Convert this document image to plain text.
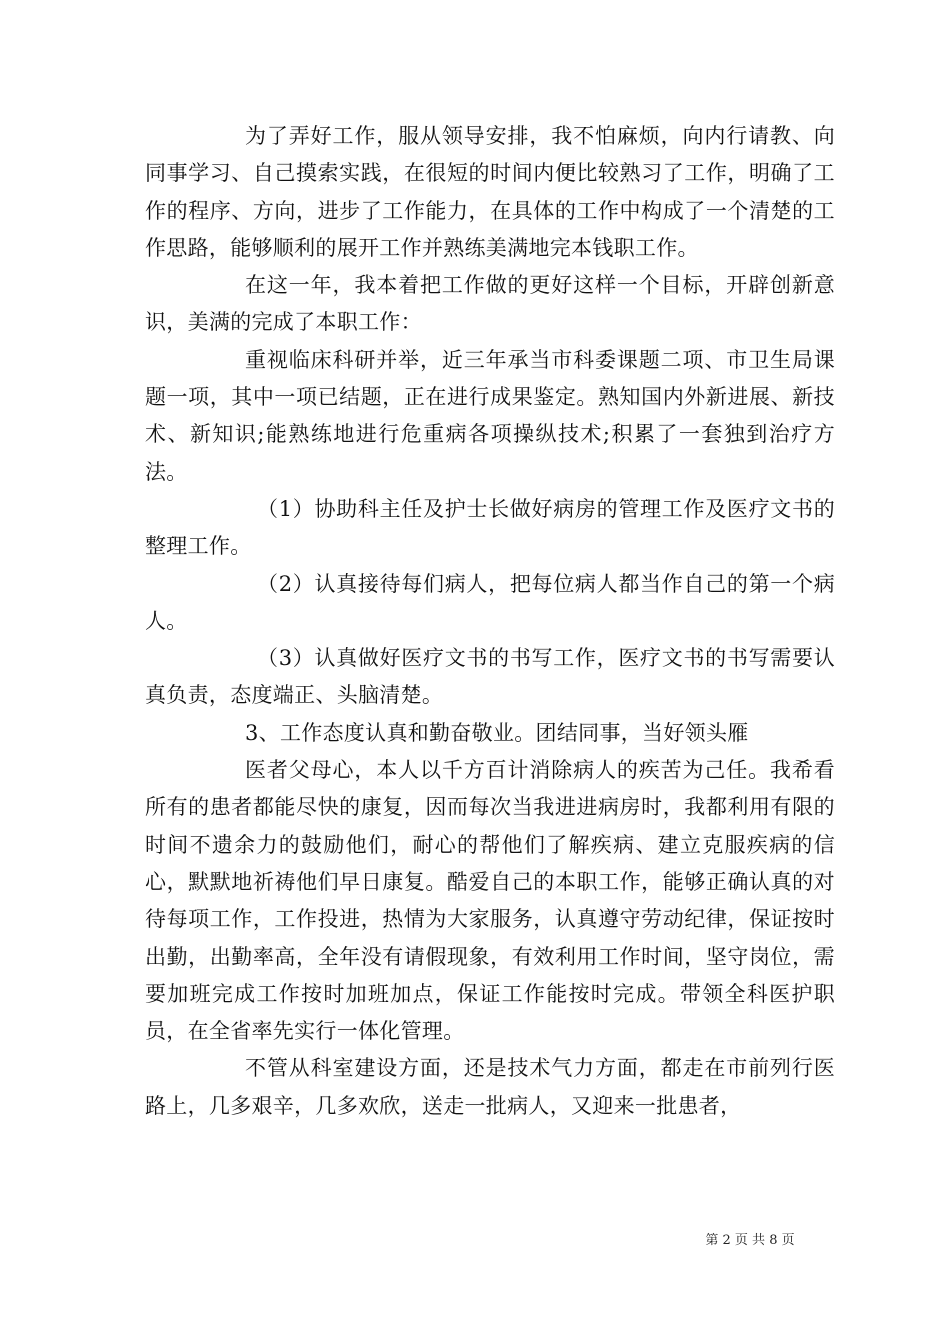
为了弄好工作，服从领导安排，我不怕麻烦，向内行请教、向同事学习、自己摸索实践，在很短的时间内便比较熟习了工作，明确了工作的程序、方向，进步了工作能力，在具体的工作中构成了一个清楚的工作思路，能够顺利的展开工作并熟练美满地完本钱职工作。

在这一年，我本着把工作做的更好这样一个目标，开辟创新意识，美满的完成了本职工作：

重视临床科研并举，近三年承当市科委课题二项、市卫生局课题一项，其中一项已结题，正在进行成果鉴定。熟知国内外新进展、新技术、新知识;能熟练地进行危重病各项操纵技术;积累了一套独到治疗方法。

（1）协助科主任及护士长做好病房的管理工作及医疗文书的整理工作。

（2）认真接待每们病人，把每位病人都当作自己的第一个病人。

（3）认真做好医疗文书的书写工作，医疗文书的书写需要认真负责，态度端正、头脑清楚。

3、工作态度认真和勤奋敬业。团结同事，当好领头雁

医者父母心，本人以千方百计消除病人的疾苦为己任。我希看所有的患者都能尽快的康复，因而每次当我进进病房时，我都利用有限的时间不遗余力的鼓励他们，耐心的帮他们了解疾病、建立克服疾病的信心，默默地祈祷他们早日康复。酷爱自己的本职工作，能够正确认真的对待每项工作，工作投进，热情为大家服务，认真遵守劳动纪律，保证按时出勤，出勤率高，全年没有请假现象，有效利用工作时间，坚守岗位，需要加班完成工作按时加班加点，保证工作能按时完成。带领全科医护职员，在全省率先实行一体化管理。

不管从科室建设方面，还是技术气力方面，都走在市前列行医路上，几多艰辛，几多欢欣，送走一批病人，又迎来一批患者，

第 2 页 共 8 页
